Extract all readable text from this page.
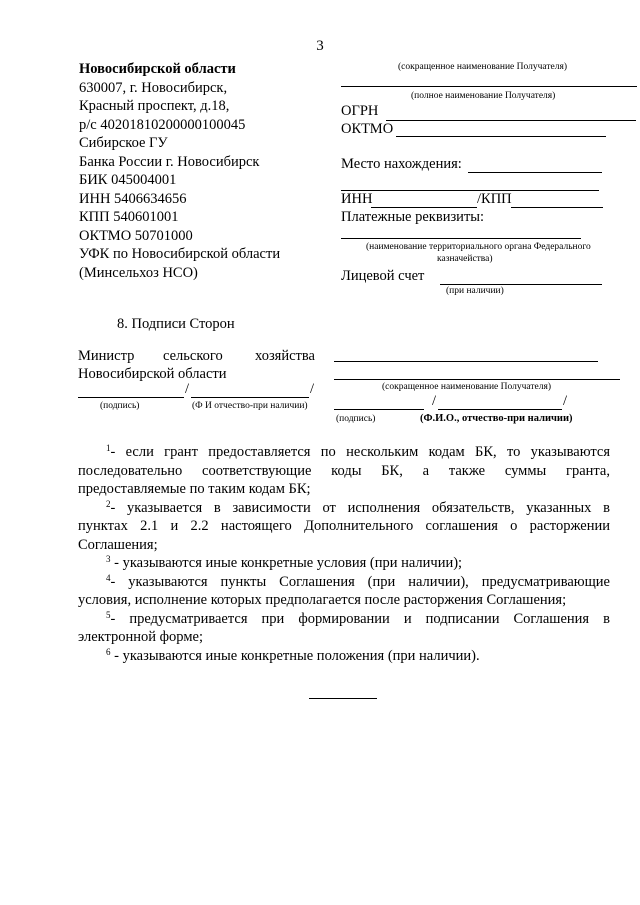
3
Новосибирской области
630007, г. Новосибирск,
Красный проспект, д.18,
р/с 40201810200000100045
Сибирское ГУ
Банка России г. Новосибирск
БИК 045004001
ИНН 5406634656
КПП 540601001
ОКТМО 50701000
УФК по Новосибирской области
(Минсельхоз НСО)
(сокращенное наименование Получателя)
(полное наименование Получателя)
ОГРН
ОКТМО
Место нахождения:
ИНН	/КПП
Платежные реквизиты:
(наименование территориального органа Федерального
казначейства)
Лицевой счет
(при наличии)
8. Подписи Сторон
Министр сельского хозяйства
Новосибирской области
/	/
(подпись)	(Ф И отчество-при наличии)
(сокращенное наименование Получателя)
/	/
(подпись)	(Ф.И.О., отчество-при наличии)
$^1$- если грант предоставляется по нескольким кодам БК, то указываются
последовательно соответствующие коды БК, а также суммы гранта,
предоставляемые по таким кодам БК;
$^2$- указывается в зависимости от исполнения обязательств, указанных в
пунктах 2.1 и 2.2 настоящего Дополнительного соглашения о расторжении
Соглашения;
$^3$ - указываются иные конкретные условия (при наличии);
$^4$- указываются пункты Соглашения (при наличии), предусматривающие
условия, исполнение которых предполагается после расторжения Соглашения;
$^5$- предусматривается при формировании и подписании Соглашения в
электронной форме;
$^6$ - указываются иные конкретные положения (при наличии).
